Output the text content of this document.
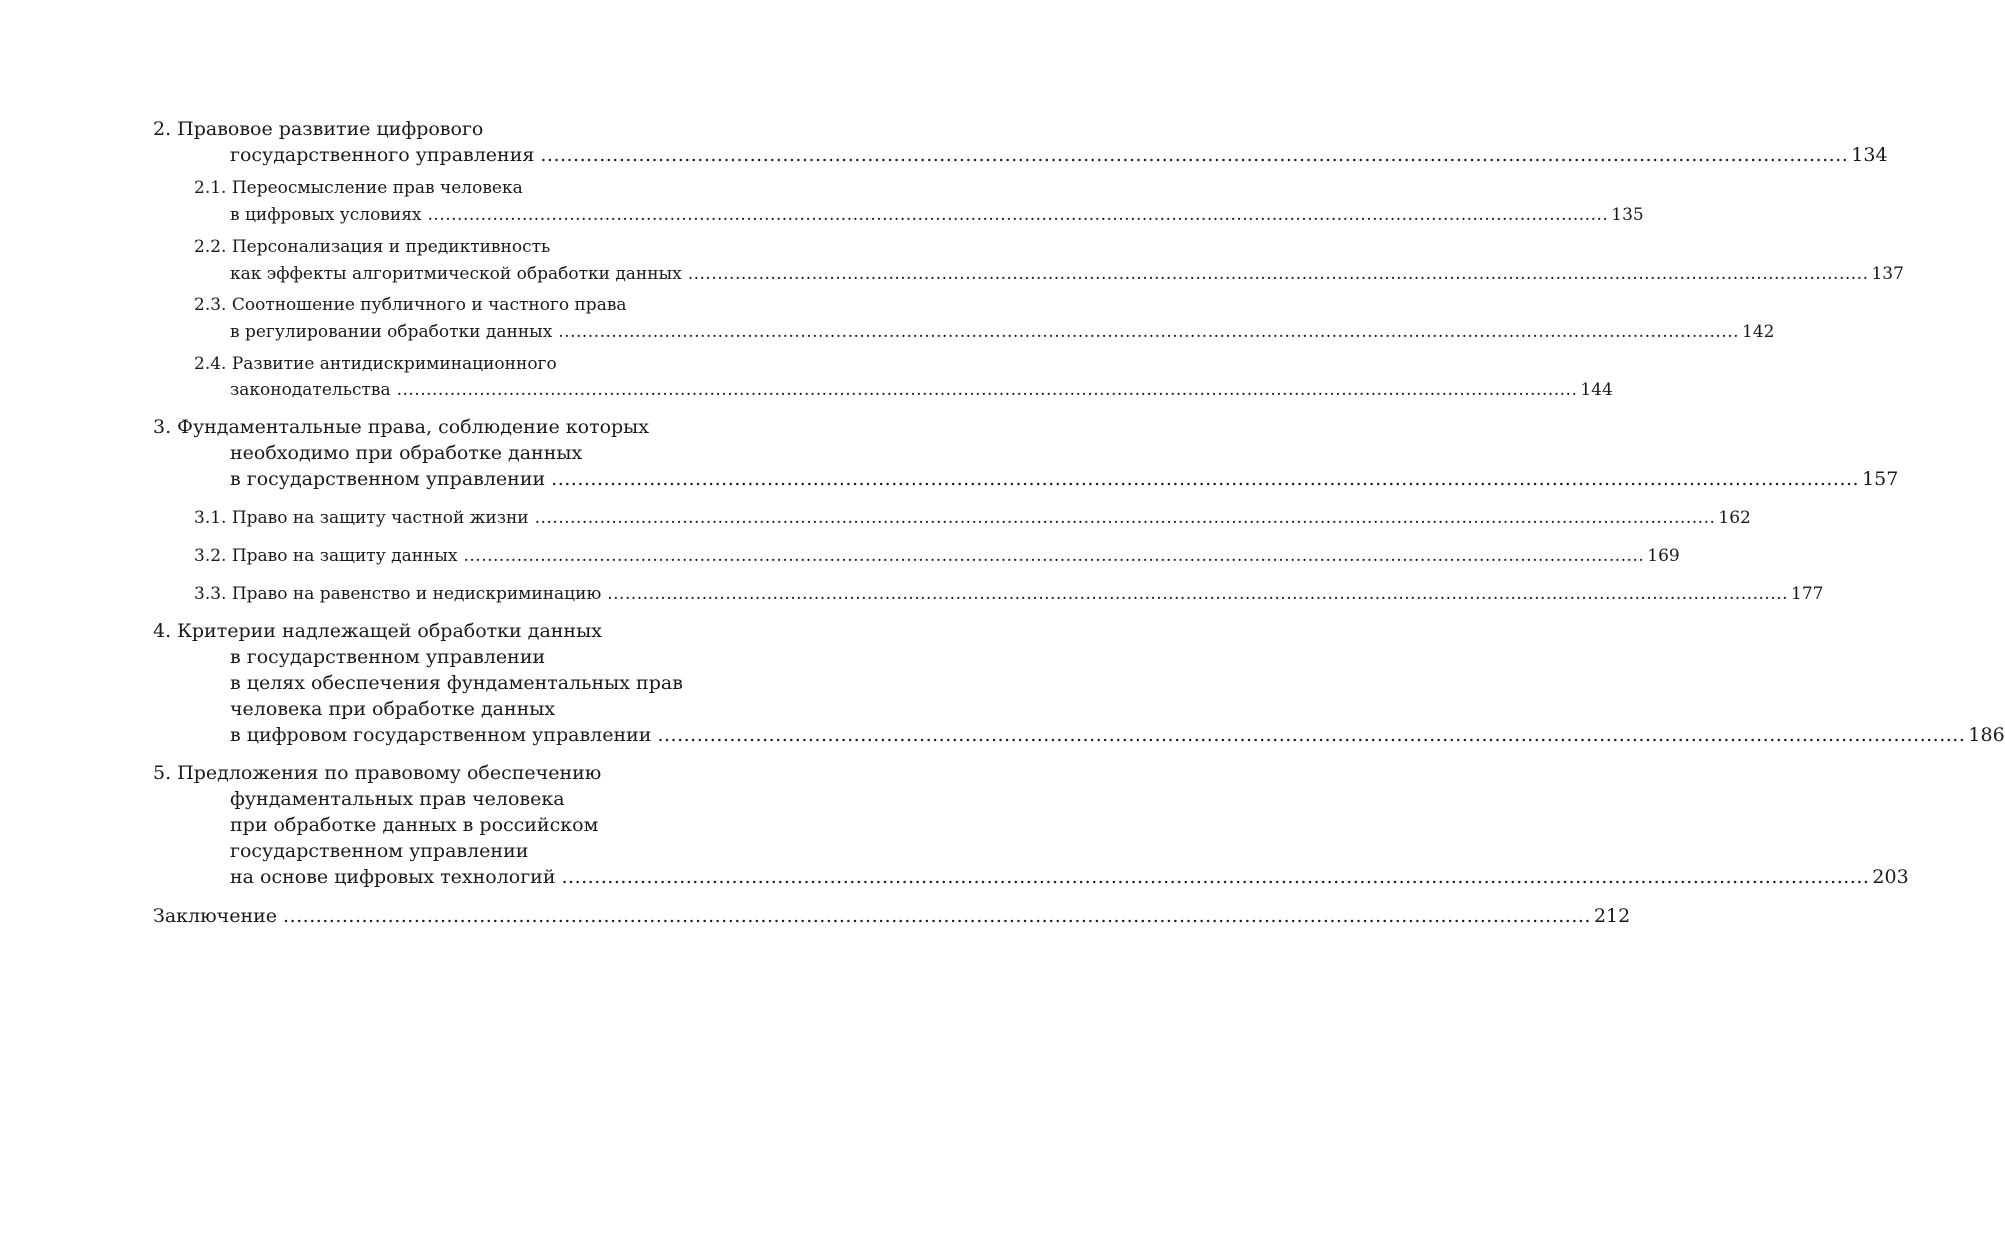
2. Правовое развитие цифрового
государственного управления ........................................................................................................................................................................................................ 134
2.1. Переосмысление прав человека
в цифровых условиях ........................................................................................................................................................................................................ 135
2.2. Персонализация и предиктивность
как эффекты алгоритмической обработки данных ........................................................................................................................................................................................................ 137
2.3. Соотношение публичного и частного права
в регулировании обработки данных ........................................................................................................................................................................................................ 142
2.4. Развитие антидискриминационного
законодательства ........................................................................................................................................................................................................ 144
3. Фундаментальные права, соблюдение которых
необходимо при обработке данных
в государственном управлении ........................................................................................................................................................................................................ 157
3.1. Право на защиту частной жизни ........................................................................................................................................................................................................ 162
3.2. Право на защиту данных ........................................................................................................................................................................................................ 169
3.3. Право на равенство и недискриминацию ........................................................................................................................................................................................................ 177
4. Критерии надлежащей обработки данных
в государственном управлении
в целях обеспечения фундаментальных прав
человека при обработке данных
в цифровом государственном управлении ........................................................................................................................................................................................................ 186
5. Предложения по правовому обеспечению
фундаментальных прав человека
при обработке данных в российском
государственном управлении
на основе цифровых технологий ........................................................................................................................................................................................................ 203
Заключение ........................................................................................................................................................................................................ 212
